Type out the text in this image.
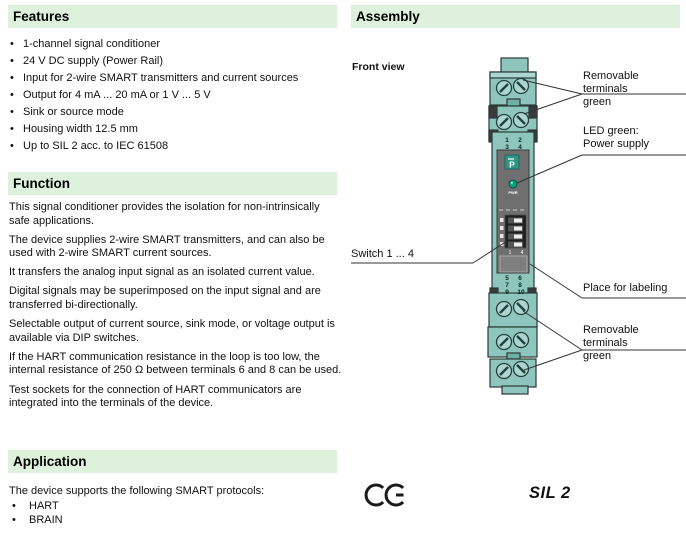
Features
• 1-channel signal conditioner
• 24 V DC supply (Power Rail)
• Input for 2-wire SMART transmitters and current sources
• Output for 4 mA ... 20 mA or 1 V ... 5 V
• Sink or source mode
• Housing width 12.5 mm
• Up to SIL 2 acc. to IEC 61508
Function

This signal conditioner provides the isolation for non-intrinsically safe applications.

The device supplies 2-wire SMART transmitters, and can also be used with 2-wire SMART current sources.

It transfers the analog input signal as an isolated current value.

Digital signals may be superimposed on the input signal and are transferred bi-directionally.

Selectable output of current source, sink mode, or voltage output is available via DIP switches.

If the HART communication resistance in the loop is too low, the internal resistance of 250 Ω between terminals 6 and 8 can be used.

Test sockets for the connection of HART communicators are integrated into the terminals of the device.

Application
The device supports the following SMART protocols:
• HART
• BRAIN
Assembly
1 2
3 4
P
PWR
1 4
5 6
7 8
9 10
Front view
Removable terminals
green
LED green:
Power supply
Switch 1 ... 4
Place for labeling
Removable terminals
green
SIL 2
